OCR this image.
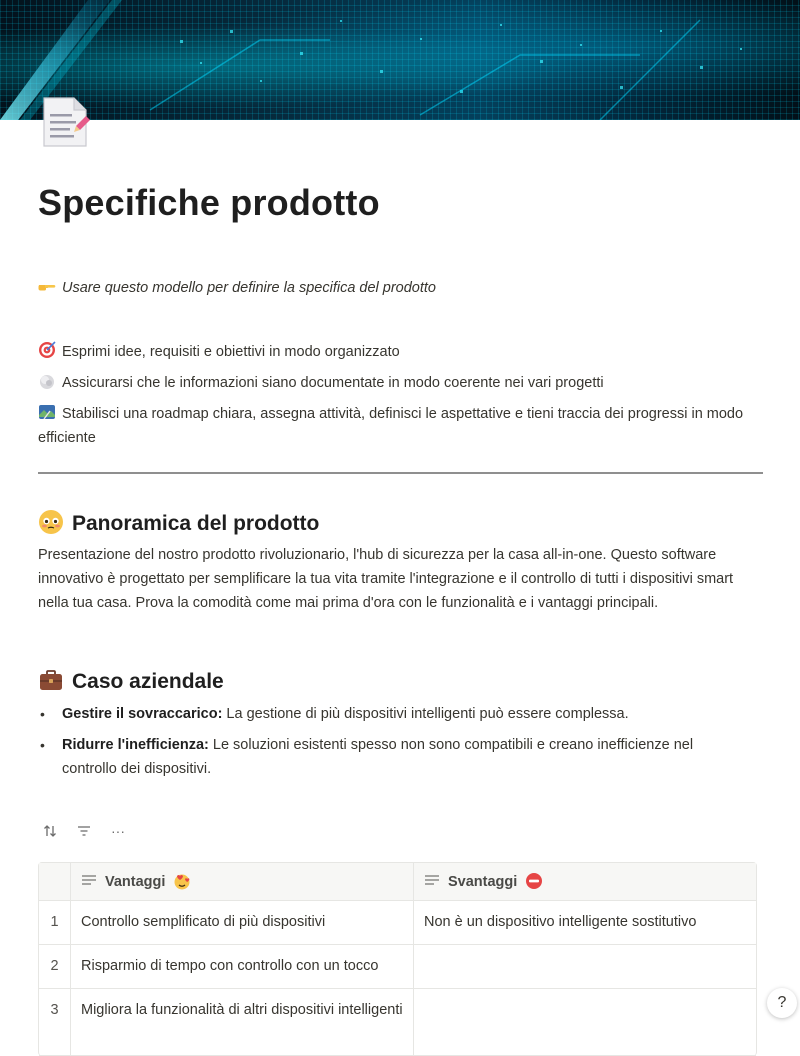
Specifiche prodotto
Usare questo modello per definire la specifica del prodotto
Esprimi idee, requisiti e obiettivi in modo organizzato
Assicurarsi che le informazioni siano documentate in modo coerente nei vari progetti
Stabilisci una roadmap chiara, assegna attività, definisci le aspettative e tieni traccia dei progressi in modo efficiente
Panoramica del prodotto
Presentazione del nostro prodotto rivoluzionario, l'hub di sicurezza per la casa all-in-one. Questo software innovativo è progettato per semplificare la tua vita tramite l'integrazione e il controllo di tutti i dispositivi smart nella tua casa. Prova la comodità come mai prima d'ora con le funzionalità e i vantaggi principali.
Caso aziendale
• Gestire il sovraccarico: La gestione di più dispositivi intelligenti può essere complessa.
• Ridurre l'inefficienza: Le soluzioni esistenti spesso non sono compatibili e creano inefficienze nel controllo dei dispositivi.
···
Vantaggi	Svantaggi
1	Controllo semplificato di più dispositivi	Non è un dispositivo intelligente sostitutivo
2	Risparmio di tempo con controllo con un tocco
3	Migliora la funzionalità di altri dispositivi intelligenti	?
